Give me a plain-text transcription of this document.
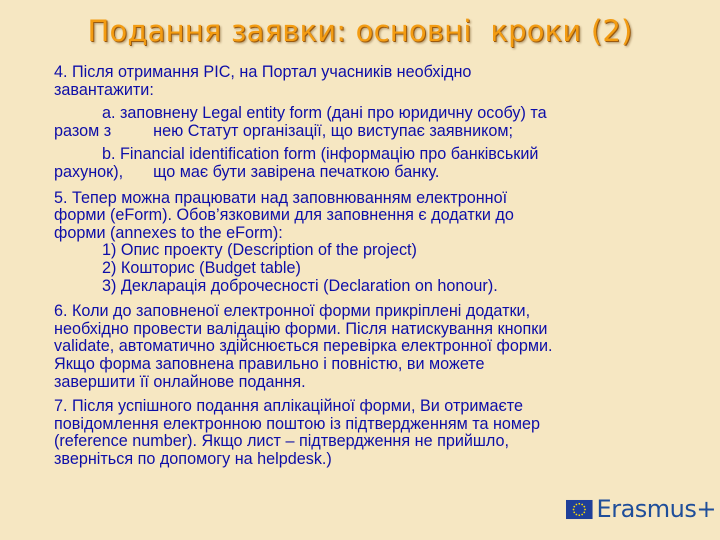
Подання заявки: основні  кроки (2)
4. Після отримання PIC, на Портал учасників необхідно
завантажити:
а. заповнену Legal entity form (дані про юридичну особу) та
разом з	нею Статут організації, що виступає заявником;
b. Financial identification form (інформацію про банківський
рахунок), що має бути завірена печаткою банку.
5. Тепер можна працювати над заповнюванням електронної
форми (eForm). Обов’язковими для заповнення є додатки до
форми (annexes to the eForm):
1) Опис проекту (Description of the project)
2) Кошторис (Budget table)
3) Декларація доброчесності (Declaration on honour).
6. Коли до заповненої електронної форми прикріплені додатки,
необхідно провести валідацію форми. Після натискування кнопки
validate, автоматично здійснюється перевірка електронної форми.
Якщо форма заповнена правильно і повністю, ви можете
завершити її онлайнове подання.
7. Після успішного подання аплікаційної форми, Ви отримаєте
повідомлення електронною поштою із підтвердженням та номер
(reference number). Якщо лист – підтвердження не прийшло,
зверніться по допомогу на helpdesk.)
Erasmus+
